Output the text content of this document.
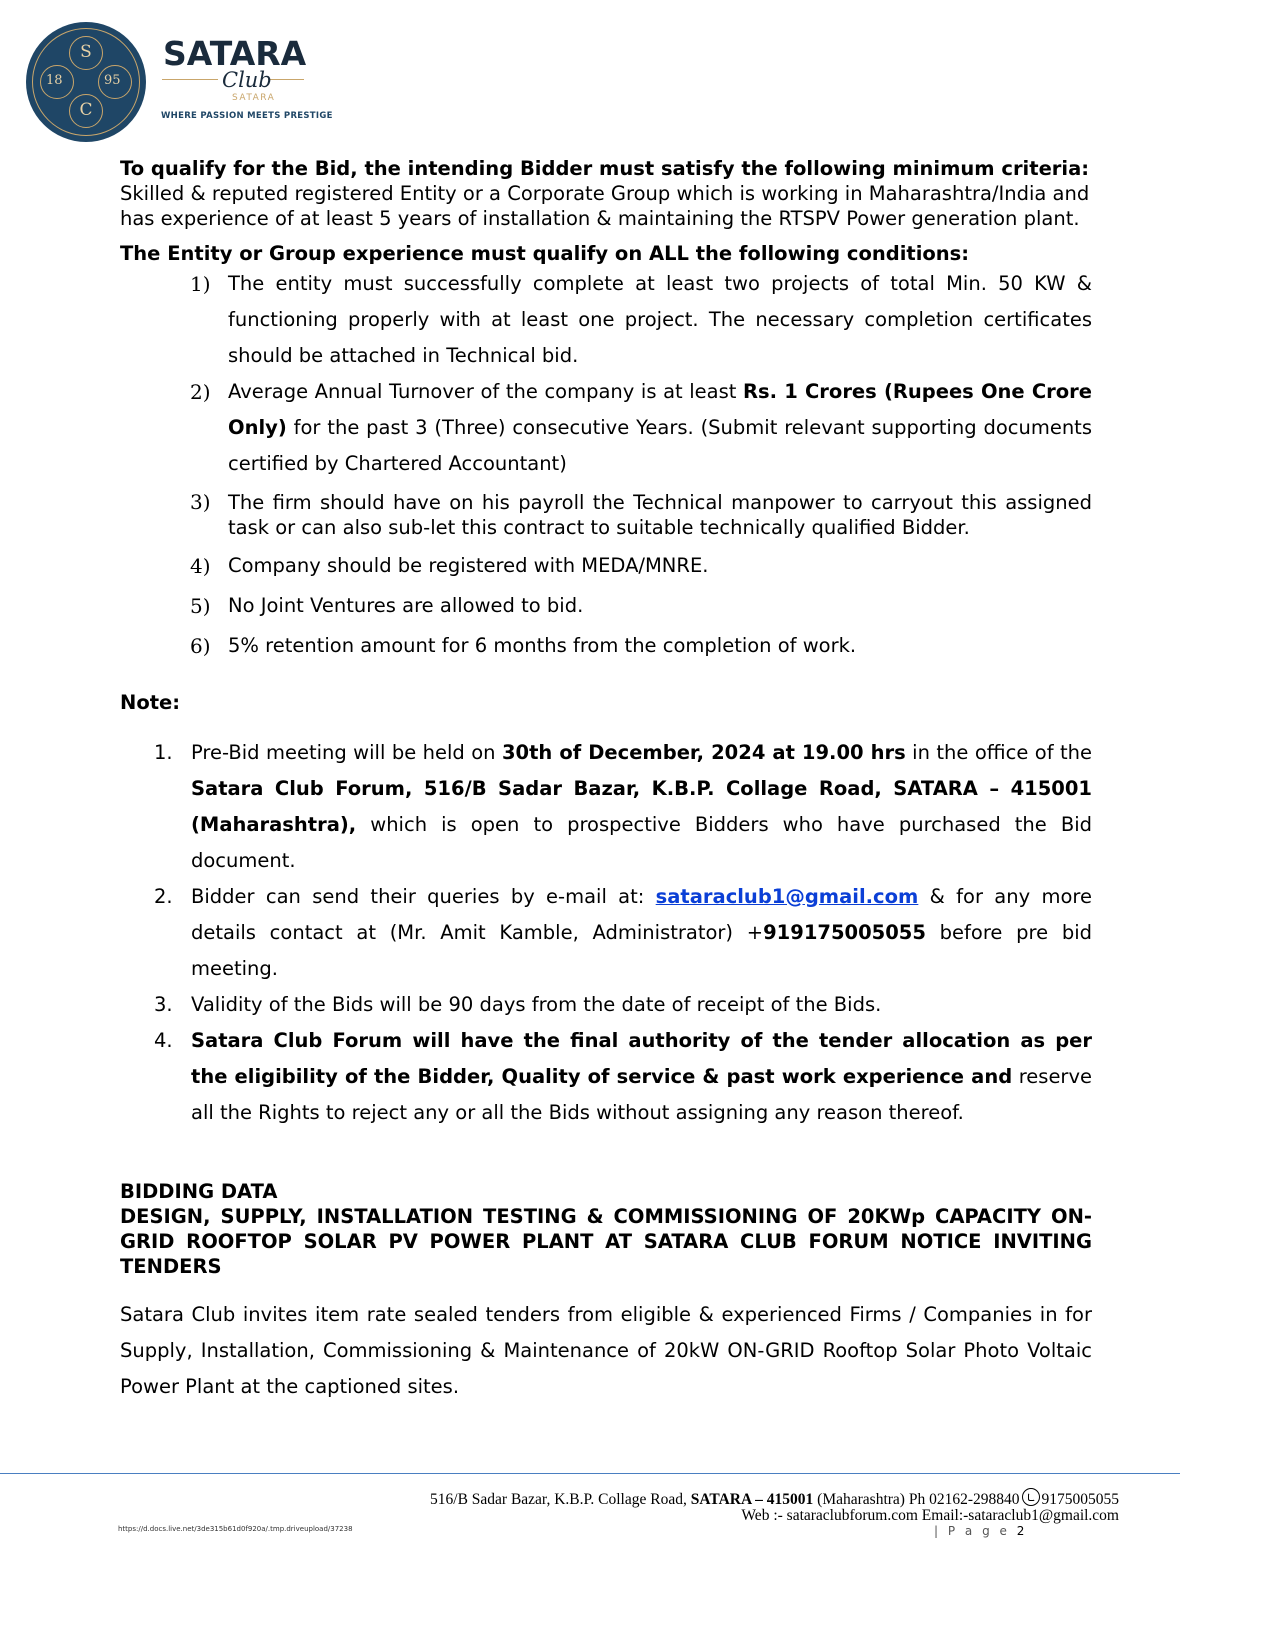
S
C
18	95
SATARA
Club
SATARA
WHERE PASSION MEETS PRESTIGE

To qualify for the Bid, the intending Bidder must satisfy the following minimum criteria:

Skilled & reputed registered Entity or a Corporate Group which is working in Maharashtra/India and has experience of at least 5 years of installation & maintaining the RTSPV Power generation plant.

The Entity or Group experience must qualify on ALL the following conditions:

1) The entity must successfully complete at least two projects of total Min. 50 KW & functioning properly with at least one project. The necessary completion certificates should be attached in Technical bid.
2) Average Annual Turnover of the company is at least Rs. 1 Crores (Rupees One Crore Only) for the past 3 (Three) consecutive Years. (Submit relevant supporting documents certified by Chartered Accountant)
3) The firm should have on his payroll the Technical manpower to carryout this assigned task or can also sub-let this contract to suitable technically qualified Bidder.
4) Company should be registered with MEDA/MNRE.
5) No Joint Ventures are allowed to bid.
6) 5% retention amount for 6 months from the completion of work.

Note:

1. Pre-Bid meeting will be held on 30th of December, 2024 at 19.00 hrs in the office of the Satara Club Forum, 516/B Sadar Bazar, K.B.P. Collage Road, SATARA – 415001 (Maharashtra), which is open to prospective Bidders who have purchased the Bid document.
2. Bidder can send their queries by e-mail at: sataraclub1@gmail.com & for any more details contact at (Mr. Amit Kamble, Administrator) +919175005055 before pre bid meeting.
3. Validity of the Bids will be 90 days from the date of receipt of the Bids.
4. Satara Club Forum will have the final authority of the tender allocation as per the eligibility of the Bidder, Quality of service & past work experience and reserve all the Rights to reject any or all the Bids without assigning any reason thereof.
BIDDING DATA
DESIGN, SUPPLY, INSTALLATION TESTING & COMMISSIONING OF 20KWp CAPACITY ON-GRID ROOFTOP SOLAR PV POWER PLANT AT SATARA CLUB FORUM NOTICE INVITING TENDERS

Satara Club invites item rate sealed tenders from eligible & experienced Firms / Companies in for Supply, Installation, Commissioning & Maintenance of 20kW ON-GRID Rooftop Solar Photo Voltaic Power Plant at the captioned sites.

516/B Sadar Bazar, K.B.P. Collage Road, SATARA – 415001 (Maharashtra) Ph 02162-298840 9175005055
Web :- sataraclubforum.com Email:-sataraclub1@gmail.com
https://d.docs.live.net/3de315b61d0f920a/.tmp.driveupload/37238	| P a g e 2
